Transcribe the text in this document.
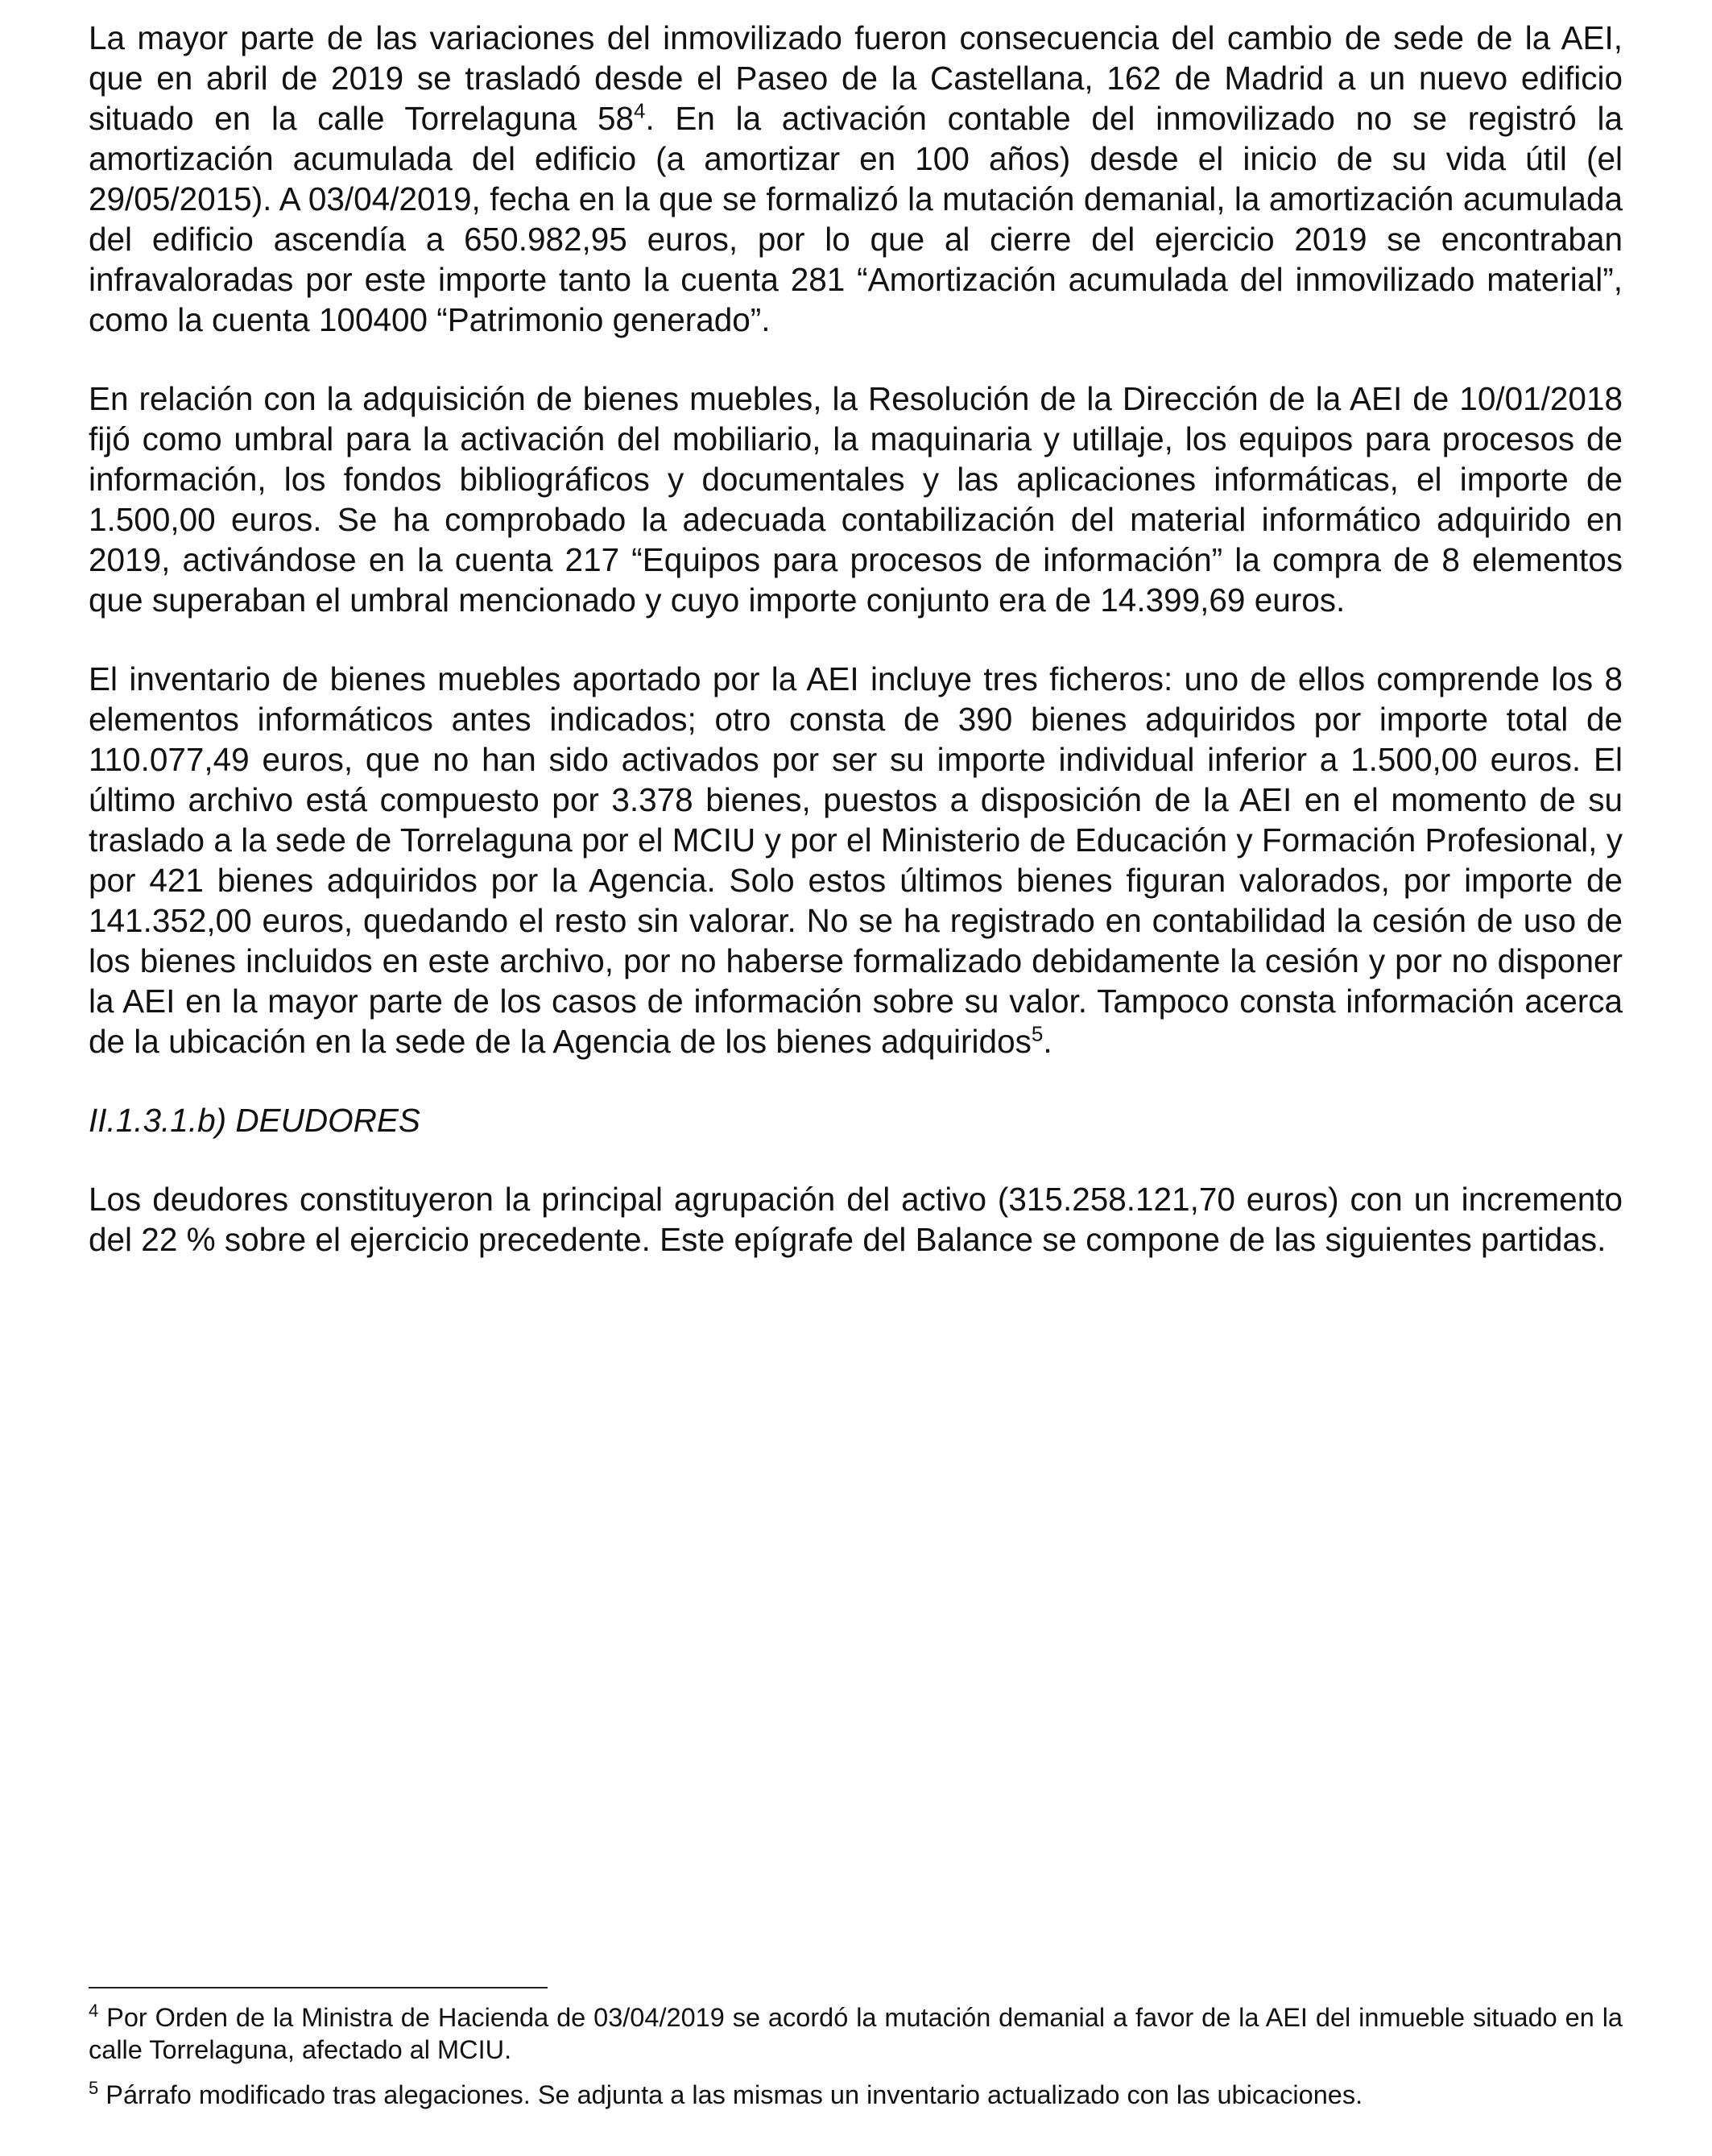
La mayor parte de las variaciones del inmovilizado fueron consecuencia del cambio de sede de la AEI, que en abril de 2019 se trasladó desde el Paseo de la Castellana, 162 de Madrid a un nuevo edificio situado en la calle Torrelaguna $58^4$. En la activación contable del inmovilizado no se registró la amortización acumulada del edificio (a amortizar en 100 años) desde el inicio de su vida útil (el 29/05/2015). A 03/04/2019, fecha en la que se formalizó la mutación demanial, la amortización acumulada del edificio ascendía a 650.982,95 euros, por lo que al cierre del ejercicio 2019 se encontraban infravaloradas por este importe tanto la cuenta 281 “Amortización acumulada del inmovilizado material”, como la cuenta 100400 “Patrimonio generado”.

En relación con la adquisición de bienes muebles, la Resolución de la Dirección de la AEI de 10/01/2018 fijó como umbral para la activación del mobiliario, la maquinaria y utillaje, los equipos para procesos de información, los fondos bibliográficos y documentales y las aplicaciones informáticas, el importe de 1.500,00 euros. Se ha comprobado la adecuada contabilización del material informático adquirido en 2019, activándose en la cuenta 217 “Equipos para procesos de información” la compra de 8 elementos que superaban el umbral mencionado y cuyo importe conjunto era de 14.399,69 euros.

El inventario de bienes muebles aportado por la AEI incluye tres ficheros: uno de ellos comprende los 8 elementos informáticos antes indicados; otro consta de 390 bienes adquiridos por importe total de 110.077,49 euros, que no han sido activados por ser su importe individual inferior a 1.500,00 euros. El último archivo está compuesto por 3.378 bienes, puestos a disposición de la AEI en el momento de su traslado a la sede de Torrelaguna por el MCIU y por el Ministerio de Educación y Formación Profesional, y por 421 bienes adquiridos por la Agencia. Solo estos últimos bienes figuran valorados, por importe de 141.352,00 euros, quedando el resto sin valorar. No se ha registrado en contabilidad la cesión de uso de los bienes incluidos en este archivo, por no haberse formalizado debidamente la cesión y por no disponer la AEI en la mayor parte de los casos de información sobre su valor. Tampoco consta información acerca de la ubicación en la sede de la Agencia de los bienes adquiridos$^5$.

II.1.3.1.b) DEUDORES

Los deudores constituyeron la principal agrupación del activo (315.258.121,70 euros) con un incremento del 22 % sobre el ejercicio precedente. Este epígrafe del Balance se compone de las siguientes partidas.

$^4$ Por Orden de la Ministra de Hacienda de 03/04/2019 se acordó la mutación demanial a favor de la AEI del inmueble situado en la calle Torrelaguna, afectado al MCIU.

$^5$ Párrafo modificado tras alegaciones. Se adjunta a las mismas un inventario actualizado con las ubicaciones.
